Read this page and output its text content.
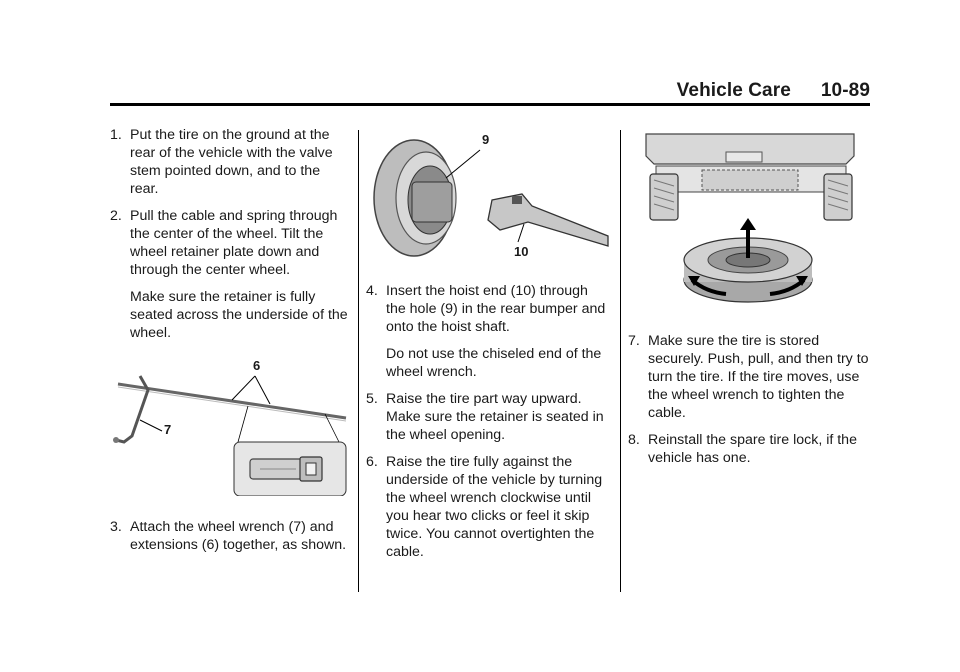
Vehicle Care 10-89
1. Put the tire on the ground at the rear of the vehicle with the valve stem pointed down, and to the rear.
2. Pull the cable and spring through the center of the wheel. Tilt the wheel retainer plate down and through the center wheel.
Make sure the retainer is fully seated across the underside of the wheel.
6
7
3. Attach the wheel wrench (7) and extensions (6) together, as shown.
9
10
4. Insert the hoist end (10) through the hole (9) in the rear bumper and onto the hoist shaft.
Do not use the chiseled end of the wheel wrench.
5. Raise the tire part way upward. Make sure the retainer is seated in the wheel opening.
6. Raise the tire fully against the underside of the vehicle by turning the wheel wrench clockwise until you hear two clicks or feel it skip twice. You cannot overtighten the cable.
7. Make sure the tire is stored securely. Push, pull, and then try to turn the tire. If the tire moves, use the wheel wrench to tighten the cable.
8. Reinstall the spare tire lock, if the vehicle has one.
